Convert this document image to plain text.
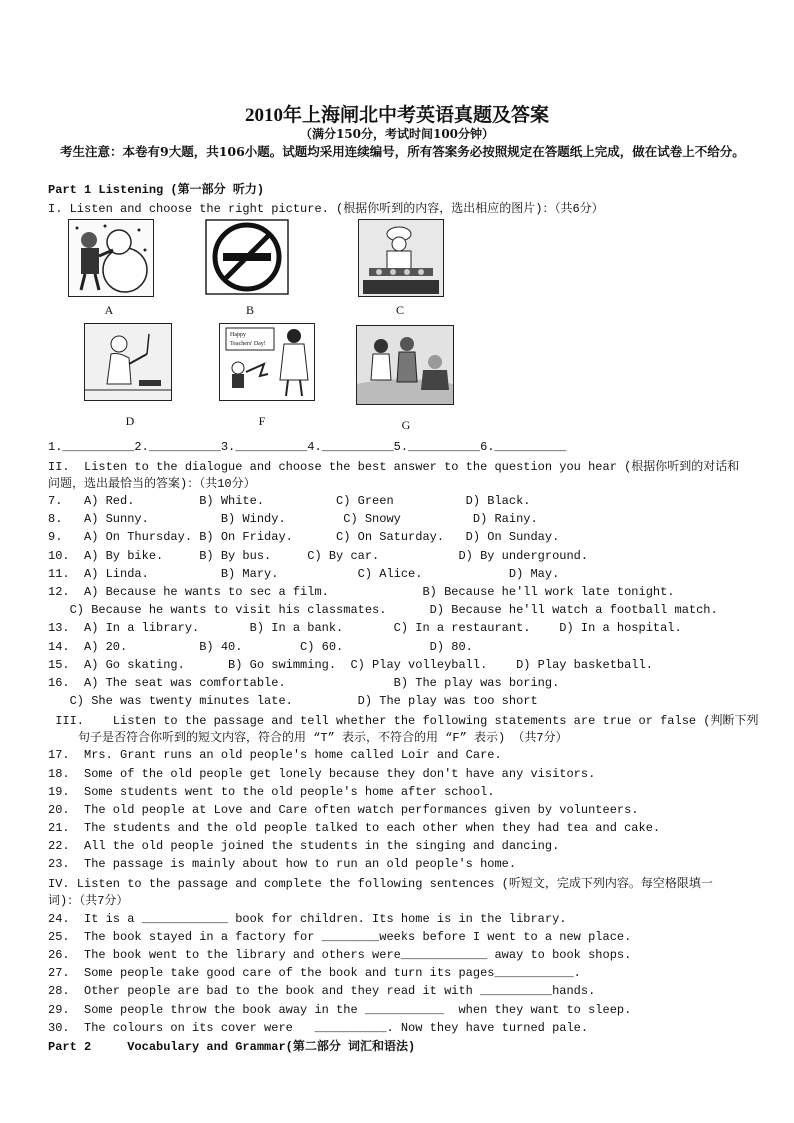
2010年上海闸北中考英语真题及答案
（满分150分，考试时间100分钟）
考生注意：本卷有9大题，共106小题。试题均采用连续编号，所有答案务必按照规定在答题纸上完成，做在试卷上不给分。
Part 1 Listening (第一部分 听力)
I. Listen and choose the right picture. (根据你听到的内容，选出相应的图片)：（共6分）
A	B	C
D
Happy
Teachers' Day!
F	G
1.__________2.__________3.__________4.__________5.__________6.__________
II.  Listen to the dialogue and choose the best answer to the question you hear (根据你听到的对话和
问题，选出最恰当的答案)：（共10分）
7.   A) Red.         B) White.          C) Green          D) Black.
8.   A) Sunny.          B) Windy.        C) Snowy          D) Rainy.
9.   A) On Thursday. B) On Friday.      C) On Saturday.   D) On Sunday.
10.  A) By bike.     B) By bus.     C) By car.           D) By underground.
11.  A) Linda.          B) Mary.           C) Alice.            D) May.
12.  A) Because he wants to sec a film.             B) Because he'll work late tonight.
C) Because he wants to visit his classmates.      D) Because he'll watch a football match.
13.  A) In a library.       B) In a bank.       C) In a restaurant.    D) In a hospital.
14.  A) 20.          B) 40.        C) 60.            D) 80.
15.  A) Go skating.      B) Go swimming.  C) Play volleyball.    D) Play basketball.
16.  A) The seat was comfortable.               B) The play was boring.
C) She was twenty minutes late.         D) The play was too short
III.    Listen to the passage and tell whether the following statements are true or false (判断下列
句子是否符合你听到的短文内容，符合的用 “T” 表示，不符合的用 “F” 表示) （共7分）
17.  Mrs. Grant runs an old people's home called Loir and Care.
18.  Some of the old people get lonely because they don't have any visitors.
19.  Some students went to the old people's home after school.
20.  The old people at Love and Care often watch performances given by volunteers.
21.  The students and the old people talked to each other when they had tea and cake.
22.  All the old people joined the students in the singing and dancing.
23.  The passage is mainly about how to run an old people's home.
IV. Listen to the passage and complete the following sentences (听短文，完成下列内容。每空格限填一
词)：（共7分）
24.  It is a ____________ book for children. Its home is in the library.
25.  The book stayed in a factory for ________weeks before I went to a new place.
26.  The book went to the library and others were____________ away to book shops.
27.  Some people take good care of the book and turn its pages___________.
28.  Other people are bad to the book and they read it with __________hands.
29.  Some people throw the book away in the ___________  when they want to sleep.
30.  The colours on its cover were   __________. Now they have turned pale.
Part 2     Vocabulary and Grammar(第二部分 词汇和语法)
